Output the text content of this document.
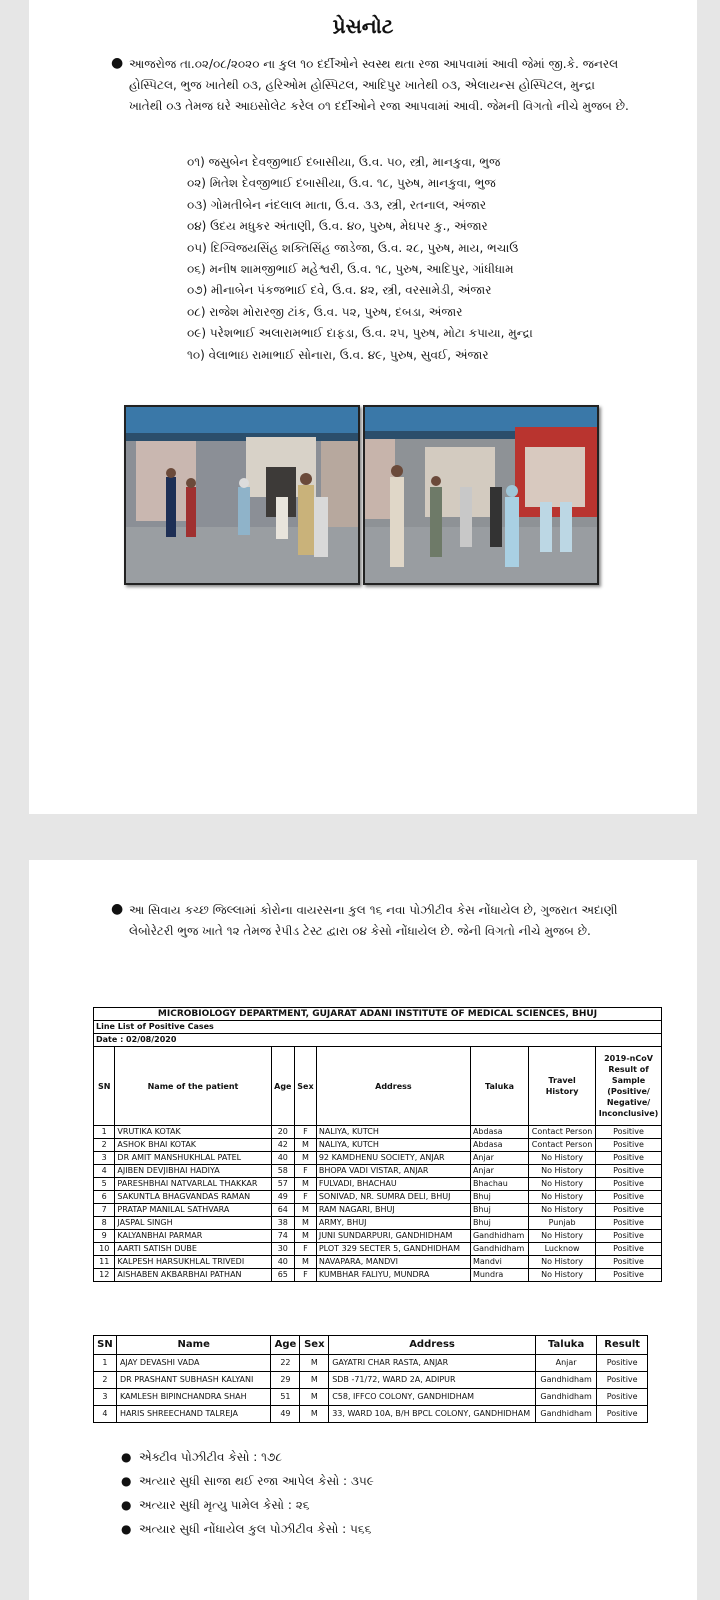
પ્રેસનોટ
● આજરોજ તા.૦૨/૦૮/૨૦૨૦ ના કુલ ૧૦ દર્દીઓને સ્વસ્થ થતા રજા આપવામાં આવી જેમાં જી.કે. જનરલ હોસ્પિટલ, ભુજ ખાતેથી ૦૩, હરિઓમ હોસ્પિટલ, આદિપુર ખાતેથી ૦૩, એલાયન્સ હોસ્પિટલ, મુન્દ્રા ખાતેથી ૦૩ તેમજ ઘરે આઇસોલેટ કરેલ ૦૧ દર્દીઓને રજા આપવામાં આવી. જેમની વિગતો નીચે મુજબ છે.
૦૧) જસુબેન દેવજીભાઈ દબાસીયા, ઉ.વ. ૫૦, સ્ત્રી, માનકુવા, ભુજ
૦૨) મિતેશ દેવજીભાઈ દબાસીયા, ઉ.વ. ૧૮, પુરુષ, માનકુવા, ભુજ
૦૩) ગોમતીબેન નંદલાલ માતા, ઉ.વ. ૩૩, સ્ત્રી, રતનાલ, અંજાર
૦૪) ઉદય મધુકર અંતાણી, ઉ.વ. ૪૦, પુરુષ, મેઘપર કુ., અંજાર
૦૫) દિગ્વિજયસિંહ શક્તિસિંહ જાડેજા, ઉ.વ. ૨૮, પુરુષ, માય, ભચાઉ
૦૬) મનીષ શામજીભાઈ મહેશ્વરી, ઉ.વ. ૧૮, પુરુષ, આદિપુર, ગાંધીધામ
૦૭) મીનાબેન પંકજભાઈ દવે, ઉ.વ. ૪૨, સ્ત્રી, વરસામેડી, અંજાર
૦૮) રાજેશ મોરારજી ટાંક, ઉ.વ. ૫૨, પુરુષ, દબડા, અંજાર
૦૯) પરેશભાઈ અલારામભાઈ દાફડા, ઉ.વ. ૨૫, પુરુષ, મોટા કપાયા, મુન્દ્રા
૧૦) વેલાભાઇ રામાભાઈ સોનારા, ઉ.વ. ૪૯, પુરુષ, સુવઈ, અંજાર
● આ સિવાય કચ્છ જિલ્લામાં કોરોના વાયરસના કુલ ૧૬ નવા પોઝીટીવ કેસ નોંધાયેલ છે, ગુજરાત અદાણી લેબોરેટરી ભુજ ખાતે ૧૨ તેમજ રેપીડ ટેસ્ટ દ્વારા ૦૪ કેસો નોંધાયેલ છે. જેની વિગતો નીચે મુજબ છે.
MICROBIOLOGY DEPARTMENT, GUJARAT ADANI INSTITUTE OF MEDICAL SCIENCES, BHUJ							
Line List of Positive Cases							
Date : 02/08/2020							
SN	Name of the patient	Age	Sex	Address	Taluka	Travel History	2019-nCoV Result of Sample (Positive/ Negative/ Inconclusive)
1	VRUTIKA KOTAK	20	F	NALIYA, KUTCH	Abdasa	Contact Person	Positive
2	ASHOK BHAI KOTAK	42	M	NALIYA, KUTCH	Abdasa	Contact Person	Positive
3	DR AMIT MANSHUKHLAL PATEL	40	M	92 KAMDHENU SOCIETY, ANJAR	Anjar	No History	Positive
4	AJIBEN DEVJIBHAI HADIYA	58	F	BHOPA VADI VISTAR, ANJAR	Anjar	No History	Positive
5	PARESHBHAI NATVARLAL THAKKAR	57	M	FULVADI, BHACHAU	Bhachau	No History	Positive
6	SAKUNTLA BHAGVANDAS RAMAN	49	F	SONIVAD, NR. SUMRA DELI, BHUJ	Bhuj	No History	Positive
7	PRATAP MANILAL SATHVARA	64	M	RAM NAGARI, BHUJ	Bhuj	No History	Positive
8	JASPAL SINGH	38	M	ARMY, BHUJ	Bhuj	Punjab	Positive
9	KALYANBHAI PARMAR	74	M	JUNI SUNDARPURI, GANDHIDHAM	Gandhidham	No History	Positive
10	AARTI SATISH DUBE	30	F	PLOT 329 SECTER 5, GANDHIDHAM	Gandhidham	Lucknow	Positive
11	KALPESH HARSUKHLAL TRIVEDI	40	M	NAVAPARA, MANDVI	Mandvi	No History	Positive
12	AISHABEN AKBARBHAI PATHAN	65	F	KUMBHAR FALIYU, MUNDRA	Mundra	No History	Positive
SN	Name	Age	Sex	Address	Taluka	Result
1	AJAY DEVASHI VADA	22	M	GAYATRI CHAR RASTA, ANJAR	Anjar	Positive
2	DR PRASHANT SUBHASH KALYANI	29	M	SDB -71/72, WARD 2A, ADIPUR	Gandhidham	Positive
3	KAMLESH BIPINCHANDRA SHAH	51	M	C58, IFFCO COLONY, GANDHIDHAM	Gandhidham	Positive
4	HARIS SHREECHAND TALREJA	49	M	33, WARD 10A, B/H BPCL COLONY, GANDHIDHAM	Gandhidham	Positive
● એક્ટીવ પોઝીટીવ કેસો : ૧૭૮
● અત્યાર સુધી સાજા થઈ રજા આપેલ કેસો : ૩૫૯
● અત્યાર સુધી મૃત્યુ પામેલ કેસો : ૨૬
● અત્યાર સુધી નોંધાયેલ કુલ પોઝીટીવ કેસો : ૫૬૬
